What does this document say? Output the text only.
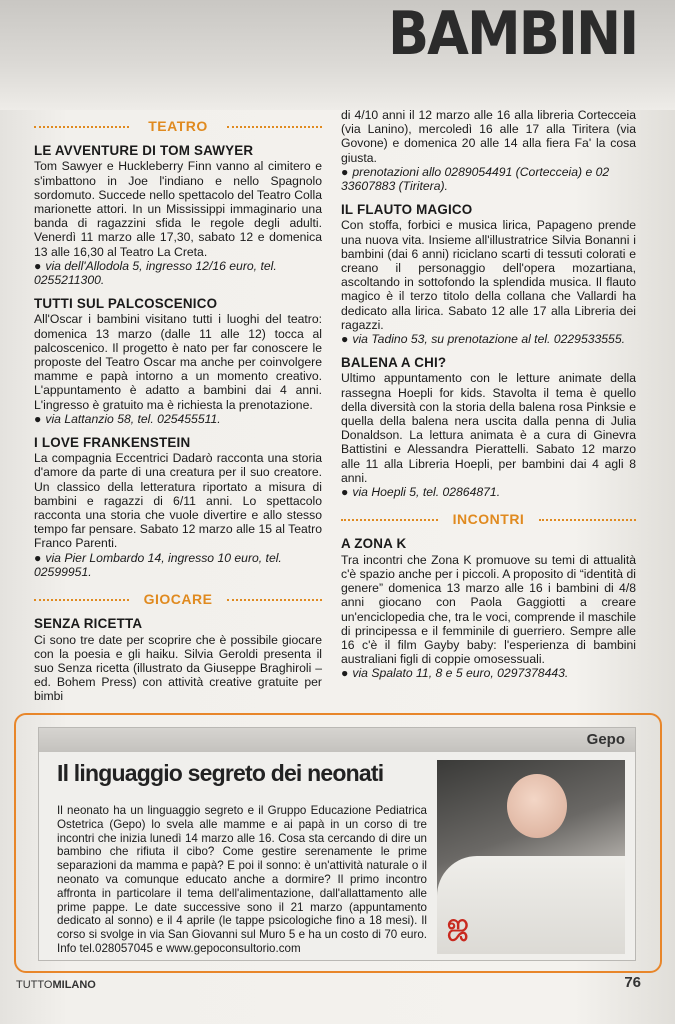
BAMBINI
TEATRO

LE AVVENTURE DI TOM SAWYER

Tom Sawyer e Huckleberry Finn vanno al cimitero e s'imbattono in Joe l'indiano e nello Spagnolo sordomuto. Succede nello spettacolo del Teatro Colla marionette attori. In un Mississippi immaginario una banda di ragazzini sfida le regole degli adulti. Venerdì 11 marzo alle 17,30, sabato 12 e domenica 13 alle 16,30 al Teatro La Creta.

● via dell'Allodola 5, ingresso 12/16 euro, tel. 0255211300.

TUTTI SUL PALCOSCENICO

All'Oscar i bambini visitano tutti i luoghi del teatro: domenica 13 marzo (dalle 11 alle 12) tocca al palcoscenico. Il progetto è nato per far conoscere le proposte del Teatro Oscar ma anche per coinvolgere mamme e papà intorno a un momento creativo. L'appuntamento è adatto a bambini dai 4 anni. L'ingresso è gratuito ma è richiesta la prenotazione.

● via Lattanzio 58, tel. 025455511.

I LOVE FRANKENSTEIN

La compagnia Eccentrici Dadarò racconta una storia d'amore da parte di una creatura per il suo creatore. Un classico della letteratura riportato a misura di bambini e ragazzi di 6/11 anni. Lo spettacolo racconta una storia che vuole divertire e allo stesso tempo far pensare. Sabato 12 marzo alle 15 al Teatro Franco Parenti.

● via Pier Lombardo 14, ingresso 10 euro, tel. 02599951.

GIOCARE

SENZA RICETTA

Ci sono tre date per scoprire che è possibile giocare con la poesia e gli haiku. Silvia Geroldi presenta il suo Senza ricetta (illustrato da Giuseppe Braghiroli – ed. Bohem Press) con attività creative gratuite per bimbi

di 4/10 anni il 12 marzo alle 16 alla libreria Cortecceia (via Lanino), mercoledì 16 alle 17 alla Tiritera (via Govone) e domenica 20 alle 14 alla fiera Fa' la cosa giusta.

● prenotazioni allo 0289054491 (Cortecceia) e 02 33607883 (Tiritera).

IL FLAUTO MAGICO

Con stoffa, forbici e musica lirica, Papageno prende una nuova vita. Insieme all'illustratrice Silvia Bonanni i bambini (dai 6 anni) riciclano scarti di tessuti colorati e creano il personaggio dell'opera mozartiana, ascoltando in sottofondo la splendida musica. Il flauto magico è il terzo titolo della collana che Vallardi ha dedicato alla lirica. Sabato 12 alle 17 alla Libreria dei ragazzi.

● via Tadino 53, su prenotazione al tel. 0229533555.

BALENA A CHI?

Ultimo appuntamento con le letture animate della rassegna Hoepli for kids. Stavolta il tema è quello della diversità con la storia della balena rosa Pinksie e quella della balena nera uscita dalla penna di Julia Donaldson. La lettura animata è a cura di Ginevra Battistini e Alessandra Pierattelli. Sabato 12 marzo alle 11 alla Libreria Hoepli, per bambini dai 4 agli 8 anni.

● via Hoepli 5, tel. 02864871.

INCONTRI

A ZONA K

Tra incontri che Zona K promuove su temi di attualità c'è spazio anche per i piccoli. A proposito di “identità di genere” domenica 13 marzo alle 16 i bambini di 4/8 anni giocano con Paola Gaggiotti a creare un'enciclopedia che, tra le voci, comprende il maschile di principessa e il femminile di guerriero. Sempre alle 16 c'è il film Gayby baby: l'esperienza di bambini australiani figli di coppie omosessuali.

● via Spalato 11, 8 e 5 euro, 0297378443.

Gepo
Il linguaggio segreto dei neonati
Il neonato ha un linguaggio segreto e il Gruppo Educazione Pediatrica Ostetrica (Gepo) lo svela alle mamme e ai papà in un corso di tre incontri che inizia lunedì 14 marzo alle 16. Cosa sta cercando di dire un bambino che rifiuta il cibo? Come gestire serenamente le prime separazioni da mamma e papà? E poi il sonno: è un'attività naturale o il neonato va comunque educato anche a dormire? Il primo incontro affronta in particolare il tema dell'alimentazione, dall'allattamento alle prime pappe. Le date successive sono il 21 marzo (appuntamento dedicato al sonno) e il 4 aprile (le tappe psicologiche fino a 18 mesi). Il corso si svolge in via San Giovanni sul Muro 5 e ha un costo di 70 euro. Info tel.028057045 e www.gepoconsultorio.com
ஜ
TUTTOMILANO	76
